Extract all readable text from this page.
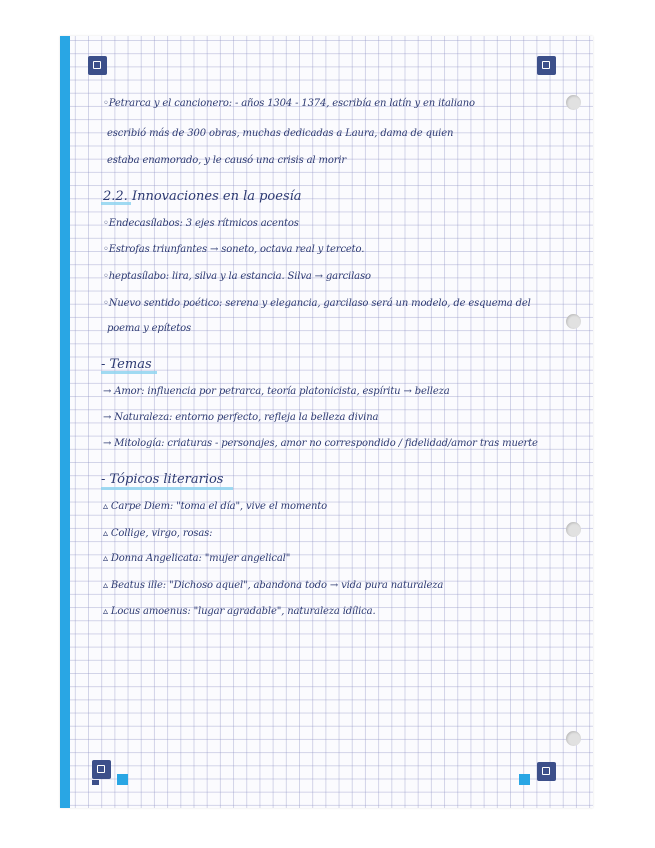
◦Petrarca y el cancionero: - años 1304 - 1374, escribía en latín y en italiano

escribió más de 300 obras, muchas dedicadas a Laura, dama de quien

estaba enamorado, y le causó una crisis al morir

2.2. Innovaciones en la poesía

◦Endecasílabos: 3 ejes rítmicos acentos

◦Estrofas triunfantes → soneto, octava real y terceto.

◦heptasílabo: lira, silva y la estancia. Silva → garcilaso

◦Nuevo sentido poético: serena y elegancia, garcilaso será un modelo, de esquema del

poema y epítetos

- Temas

→ Amor: influencia por petrarca, teoría platonicista, espíritu → belleza

→ Naturaleza: entorno perfecto, refleja la belleza divina

→ Mitología: criaturas - personajes, amor no correspondido / fidelidad/amor tras muerte

- Tópicos literarios

▵ Carpe Diem: "toma el día", vive el momento

▵ Collige, virgo, rosas:

▵ Donna Angelicata: "mujer angelical"

▵ Beatus ille: "Dichoso aquel", abandona todo → vida pura naturaleza

▵ Locus amoenus: "lugar agradable", naturaleza idílica.
